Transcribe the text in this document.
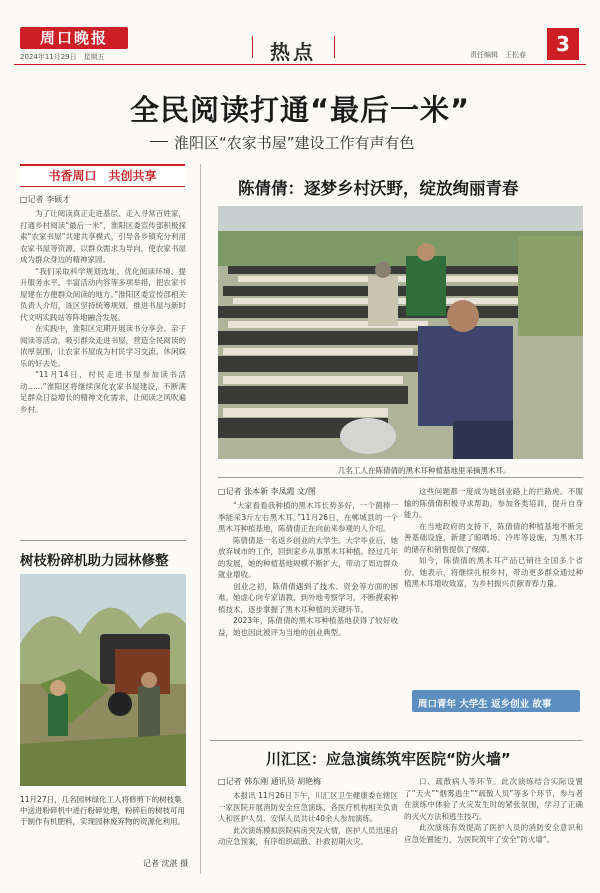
周口晚报
2024年11月29日　星期五	热点	责任编辑　王松春	3
全民阅读打通“最后一米”
淮阳区“农家书屋”建设工作有声有色
书香周口　共创共享
□记者 李硕才

为了让阅读真正走进基层、走入寻常百姓家，打通乡村阅读“最后一米”，淮阳区委宣传部积极探索“农家书屋”共建共享模式，引导各乡镇充分利用农家书屋等资源，以群众需求为导向，使农家书屋成为群众身边的精神家园。

“我们采取科学规划选址、优化阅读环境、提升服务水平、丰富活动内容等多项举措，把农家书屋建在方便群众阅读的地方。”淮阳区委宣传部相关负责人介绍，该区坚持统筹规划，推进书屋与新时代文明实践站等阵地融合发展。

在实践中，淮阳区定期开展读书分享会、亲子阅读等活动，吸引群众走进书屋，营造全民阅读的浓厚氛围，让农家书屋成为村民学习交流、休闲娱乐的好去处。

“11月14日，村民走进书屋参加读书活动……”淮阳区将继续深化农家书屋建设，不断满足群众日益增长的精神文化需求，让阅读之风吹遍乡村。

树枝粉碎机助力园林修整
11月27日，几名园林绿化工人将修剪下的树枝集中送进粉碎机中进行粉碎处理，粉碎后的树枝可用于制作有机肥料，实现园林废弃物的资源化利用。
记者 沈湛 摄
陈倩倩：逐梦乡村沃野，绽放绚丽青春
几名工人在陈倩倩的黑木耳种植基地里采摘黑木耳。
□记者 张本新 李凤霞 文/图

“大家看看我种植的黑木耳长势多好，一个菌棒一季能采3斤左右黑木耳。”11月26日，在郸城县的一个黑木耳种植基地，陈倩倩正在向前来参观的人介绍。

陈倩倩是一名返乡创业的大学生。大学毕业后，她放弃城市的工作，回到家乡从事黑木耳种植。经过几年的发展，她的种植基地规模不断扩大，带动了周边群众就业增收。

创业之初，陈倩倩遇到了技术、资金等方面的困难。她虚心向专家请教，到外地考察学习，不断摸索种植技术，逐步掌握了黑木耳种植的关键环节。

2023年，陈倩倩的黑木耳种植基地获得了较好收益，她也因此被评为当地的创业典型。

这些问题都一度成为她创业路上的拦路虎。不服输的陈倩倩积极寻求帮助，参加各类培训，提升自身能力。

在当地政府的支持下，陈倩倩的种植基地不断完善基础设施，新建了晾晒场、冷库等设施，为黑木耳的储存和销售提供了保障。

如今，陈倩倩的黑木耳产品已销往全国多个省份。她表示，将继续扎根乡村，带动更多群众通过种植黑木耳增收致富，为乡村振兴贡献青春力量。

周口青年 大学生 返乡创业 故事
川汇区：应急演练筑牢医院“防火墙”
□记者 韩东刚 通讯员 胡艳梅

本报讯 11月26日下午，川汇区卫生健康委在辖区一家医院开展消防安全应急演练，各医疗机构相关负责人和医护人员、安保人员共计40余人参加演练。

此次演练模拟医院病房突发火情，医护人员迅速启动应急预案，有序组织疏散、扑救初期火灾。

口、疏散病人等环节。此次演练结合实际设置了“天火”“烟雾逃生”“疏散人员”等多个环节，参与者在演练中体验了火灾发生时的紧张氛围，学习了正确的灭火方法和逃生技巧。

此次演练有效提高了医护人员的消防安全意识和应急处置能力，为医院筑牢了安全“防火墙”。
